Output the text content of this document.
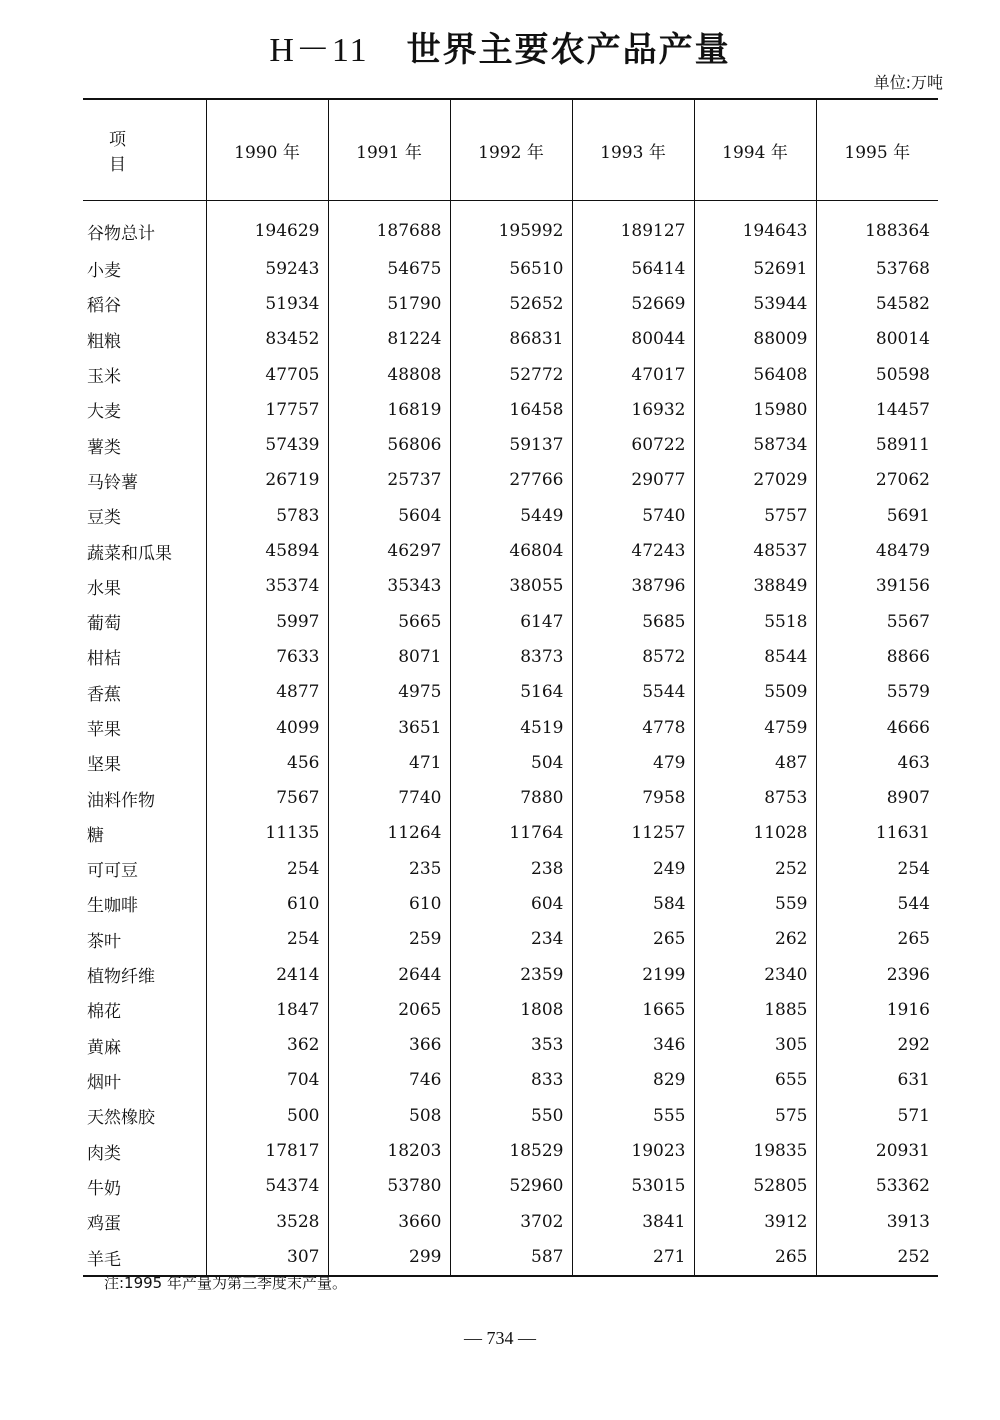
H－11 世界主要农产品产量
单位:万吨
项　目	1990 年	1991 年	1992 年	1993 年	1994 年	1995 年
谷物总计	194629	187688	195992	189127	194643	188364
小麦	59243	54675	56510	56414	52691	53768
稻谷	51934	51790	52652	52669	53944	54582
粗粮	83452	81224	86831	80044	88009	80014
玉米	47705	48808	52772	47017	56408	50598
大麦	17757	16819	16458	16932	15980	14457
薯类	57439	56806	59137	60722	58734	58911
马铃薯	26719	25737	27766	29077	27029	27062
豆类	5783	5604	5449	5740	5757	5691
蔬菜和瓜果	45894	46297	46804	47243	48537	48479
水果	35374	35343	38055	38796	38849	39156
葡萄	5997	5665	6147	5685	5518	5567
柑桔	7633	8071	8373	8572	8544	8866
香蕉	4877	4975	5164	5544	5509	5579
苹果	4099	3651	4519	4778	4759	4666
坚果	456	471	504	479	487	463
油料作物	7567	7740	7880	7958	8753	8907
糖	11135	11264	11764	11257	11028	11631
可可豆	254	235	238	249	252	254
生咖啡	610	610	604	584	559	544
茶叶	254	259	234	265	262	265
植物纤维	2414	2644	2359	2199	2340	2396
棉花	1847	2065	1808	1665	1885	1916
黄麻	362	366	353	346	305	292
烟叶	704	746	833	829	655	631
天然橡胶	500	508	550	555	575	571
肉类	17817	18203	18529	19023	19835	20931
牛奶	54374	53780	52960	53015	52805	53362
鸡蛋	3528	3660	3702	3841	3912	3913
羊毛	307	299	587	271	265	252
注:1995 年产量为第三季度末产量。
— 734 —
